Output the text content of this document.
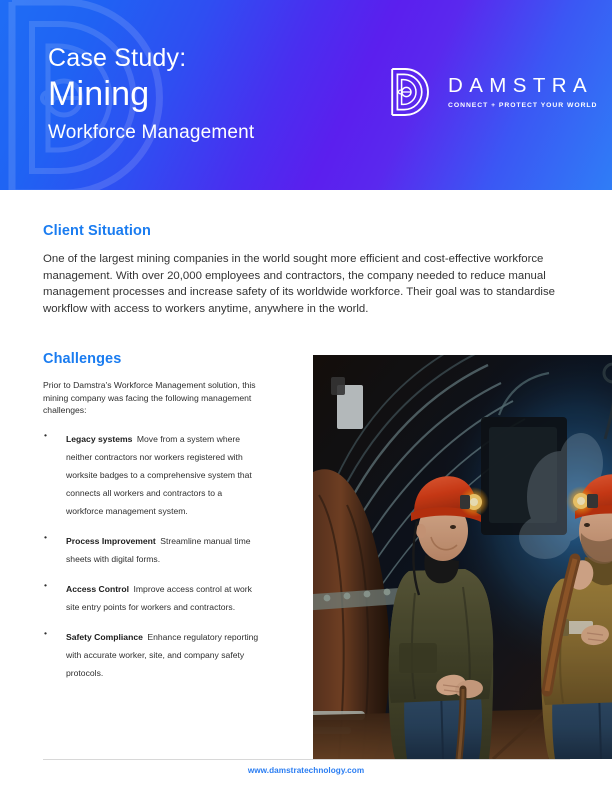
Case Study:
Mining
Workforce Management
DAMSTRA
CONNECT + PROTECT YOUR WORLD
Client Situation

One of the largest mining companies in the world sought more efficient and cost-effective workforce management. With over 20,000 employees and contractors, the company needed to reduce manual management processes and increase safety of its worldwide workforce. Their goal was to standardise workflow with access to workers anytime, anywhere in the world.

Challenges

Prior to Damstra's Workforce Management solution, this mining company was facing the following management challenges:

•	Legacy systems Move from a system where neither contractors nor workers registered with worksite badges to a comprehensive system that connects all workers and contractors to a workforce management system.
•	Process Improvement Streamline manual time sheets with digital forms.
•	Access Control Improve access control at work site entry points for workers and contractors.
•	Safety Compliance Enhance regulatory reporting with accurate worker, site, and company safety protocols.
www.damstratechnology.com
